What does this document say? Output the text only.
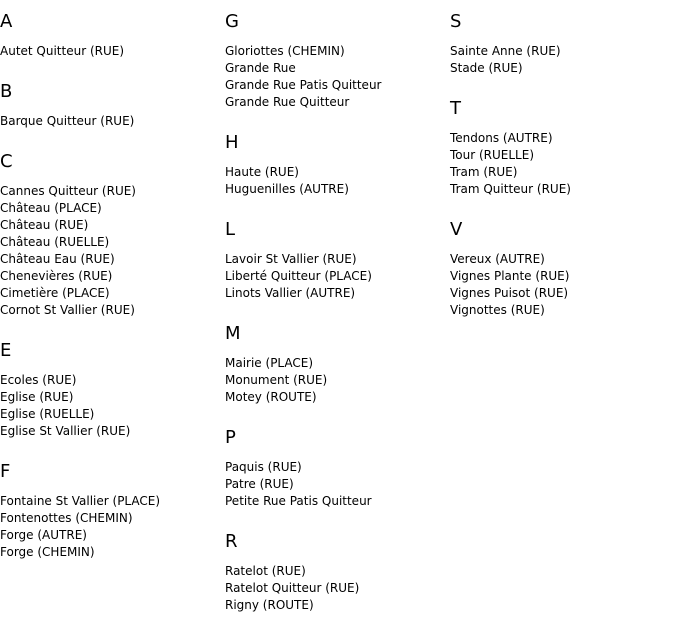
A
Autet Quitteur (RUE)
B
Barque Quitteur (RUE)
C
Cannes Quitteur (RUE)
Château (PLACE)
Château (RUE)
Château (RUELLE)
Château Eau (RUE)
Chenevières (RUE)
Cimetière (PLACE)
Cornot St Vallier (RUE)
E
Ecoles (RUE)
Eglise (RUE)
Eglise (RUELLE)
Eglise St Vallier (RUE)
F
Fontaine St Vallier (PLACE)
Fontenottes (CHEMIN)
Forge (AUTRE)
Forge (CHEMIN)
G
Gloriottes (CHEMIN)
Grande Rue
Grande Rue Patis Quitteur
Grande Rue Quitteur
H
Haute (RUE)
Huguenilles (AUTRE)
L
Lavoir St Vallier (RUE)
Liberté Quitteur (PLACE)
Linots Vallier (AUTRE)
M
Mairie (PLACE)
Monument (RUE)
Motey (ROUTE)
P
Paquis (RUE)
Patre (RUE)
Petite Rue Patis Quitteur
R
Ratelot (RUE)
Ratelot Quitteur (RUE)
Rigny (ROUTE)
S
Sainte Anne (RUE)
Stade (RUE)
T
Tendons (AUTRE)
Tour (RUELLE)
Tram (RUE)
Tram Quitteur (RUE)
V
Vereux (AUTRE)
Vignes Plante (RUE)
Vignes Puisot (RUE)
Vignottes (RUE)
